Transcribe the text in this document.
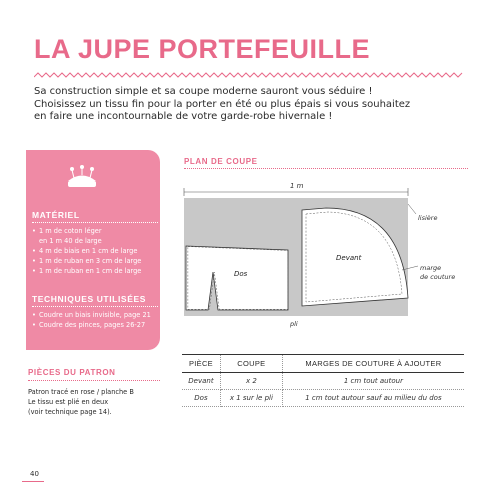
LA JUPE PORTEFEUILLE
Sa construction simple et sa coupe moderne sauront vous séduire !
Choisissez un tissu fin pour la porter en été ou plus épais si vous souhaitez
en faire une incontournable de votre garde-robe hivernale !
MATÉRIEL
• 1 m de coton léger
en 1 m 40 de large
• 4 m de biais en 1 cm de large
• 1 m de ruban en 3 cm de large
• 1 m de ruban en 1 cm de large
TECHNIQUES UTILISÉES
• Coudre un biais invisible, page 21
• Coudre des pinces, pages 26-27
PIÈCES DU PATRON
Patron tracé en rose / planche B
Le tissu est plié en deux
(voir technique page 14).
PLAN DE COUPE
1 m
Dos
Devant
lisière
marge
de couture
pli
PIÈCE	COUPE	MARGES DE COUTURE À AJOUTER
Devant	x 2	1 cm tout autour
Dos	x 1 sur le pli	1 cm tout autour sauf au milieu du dos
40
